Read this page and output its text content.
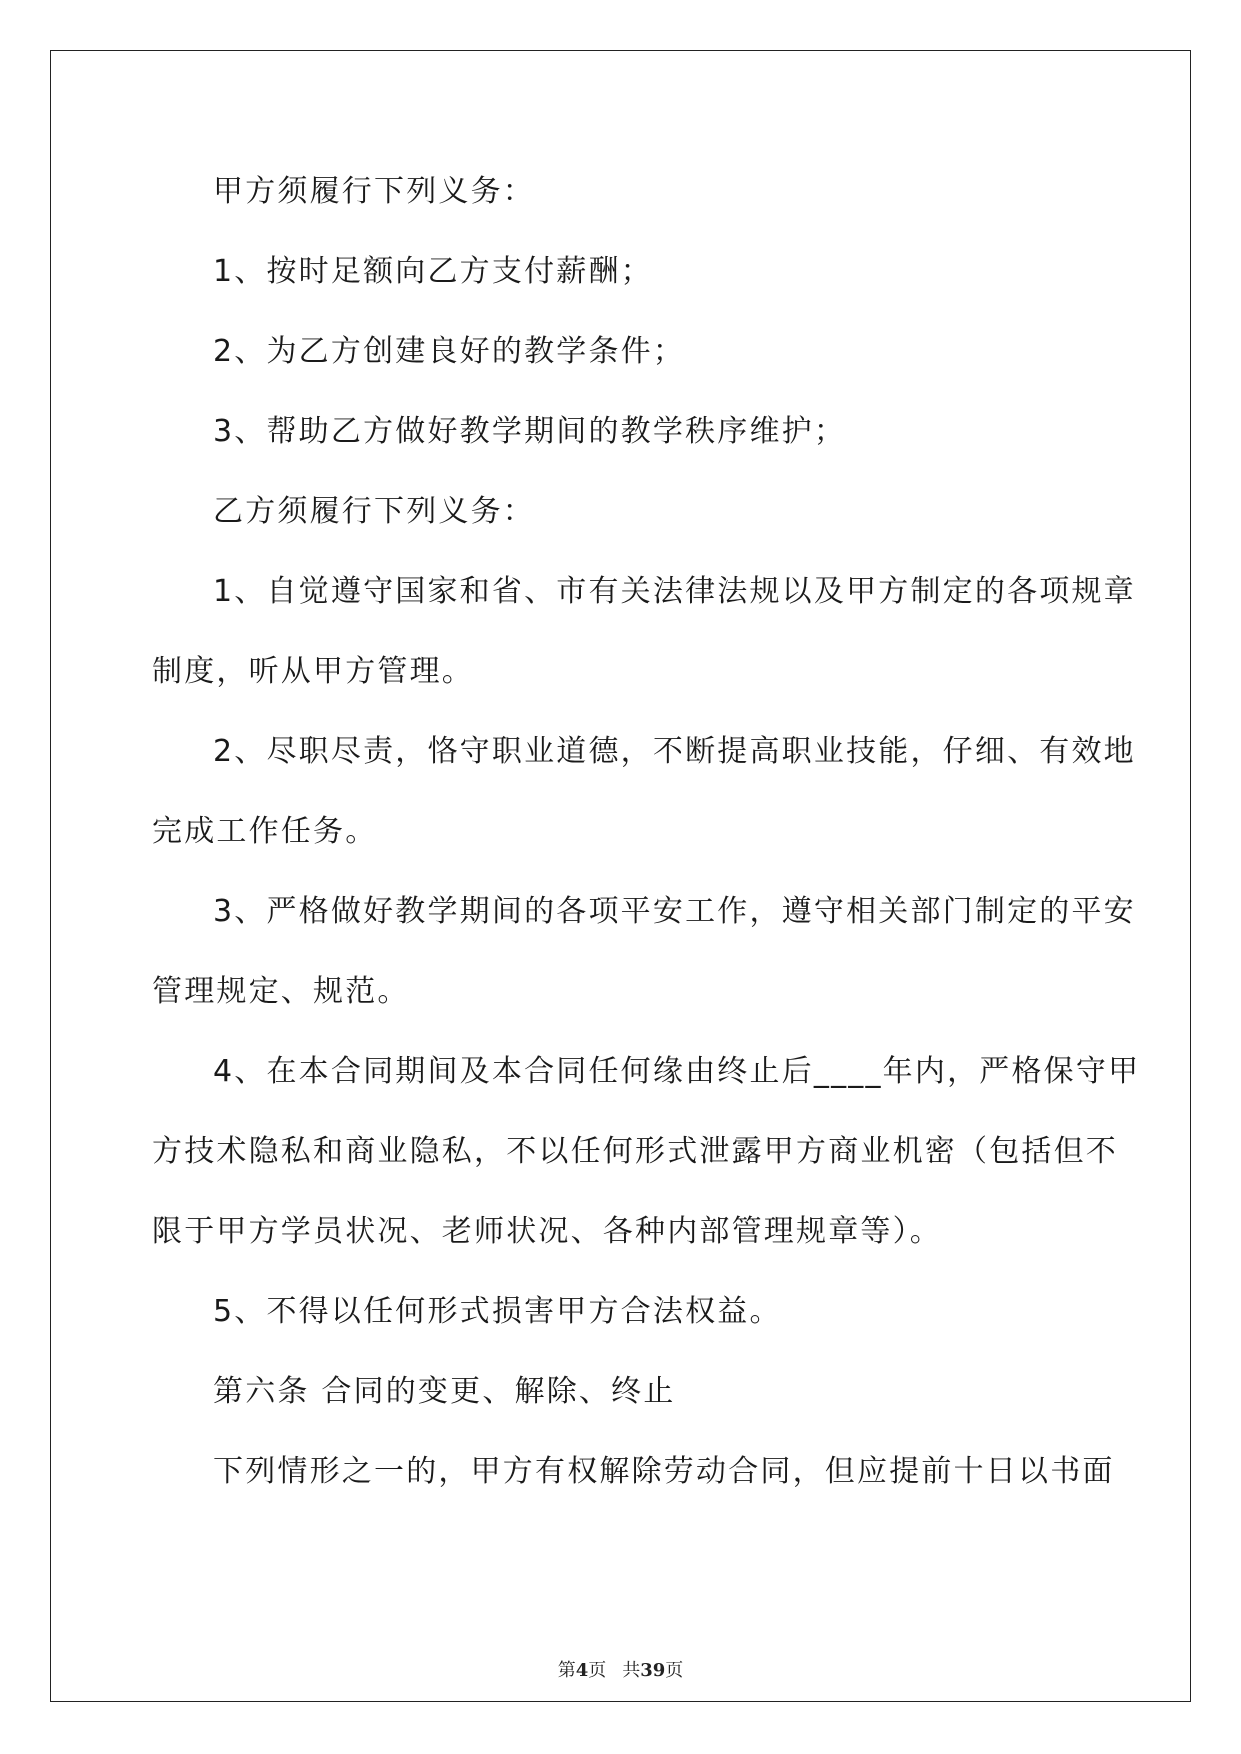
甲方须履行下列义务：

1、按时足额向乙方支付薪酬；

2、为乙方创建良好的教学条件；

3、帮助乙方做好教学期间的教学秩序维护；

乙方须履行下列义务：

1、自觉遵守国家和省、市有关法律法规以及甲方制定的各项规章

制度，听从甲方管理。

2、尽职尽责，恪守职业道德，不断提高职业技能，仔细、有效地

完成工作任务。

3、严格做好教学期间的各项平安工作，遵守相关部门制定的平安

管理规定、规范。

4、在本合同期间及本合同任何缘由终止后____年内，严格保守甲

方技术隐私和商业隐私，不以任何形式泄露甲方商业机密（包括但不

限于甲方学员状况、老师状况、各种内部管理规章等）。

5、不得以任何形式损害甲方合法权益。

第六条 合同的变更、解除、终止

下列情形之一的，甲方有权解除劳动合同，但应提前十日以书面

第4页 共39页
